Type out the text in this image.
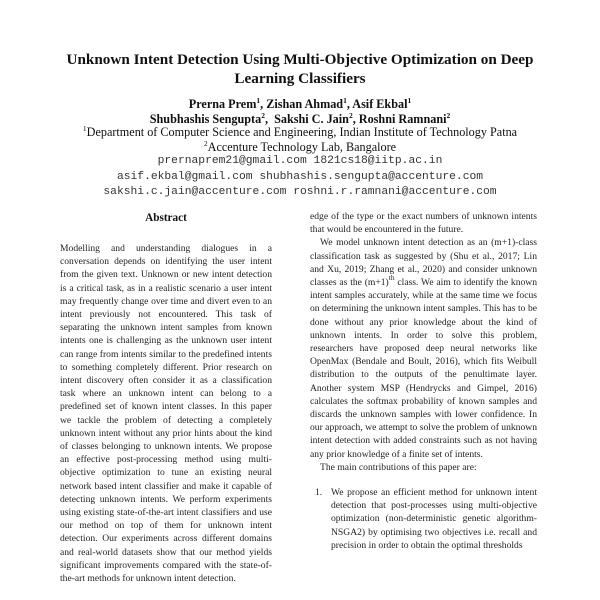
Unknown Intent Detection Using Multi-Objective Optimization on Deep
Learning Classifiers
Prerna Prem$^1$, Zishan Ahmad$^1$, Asif Ekbal$^1$
Shubhashis Sengupta$^2$,  Sakshi C. Jain$^2$, Roshni Ramnani$^2$
$^1$Department of Computer Science and Engineering, Indian Institute of Technology Patna
$^2$Accenture Technology Lab, Bangalore
prernaprem21@gmail.com 1821cs18@iitp.ac.in
asif.ekbal@gmail.com shubhashis.sengupta@accenture.com
sakshi.c.jain@accenture.com roshni.r.ramnani@accenture.com
Abstract
Modelling and understanding dialogues in a conversation depends on identifying the user intent from the given text. Unknown or new intent detection is a critical task, as in a realistic scenario a user intent may frequently change over time and divert even to an intent previously not encountered. This task of separating the unknown intent samples from known intents one is challenging as the unknown user intent can range from intents similar to the predefined intents to something completely different. Prior research on intent discovery often consider it as a classification task where an unknown intent can belong to a predefined set of known intent classes. In this paper we tackle the problem of detecting a completely unknown intent without any prior hints about the kind of classes belonging to unknown intents. We propose an effective post-processing method using multi-objective optimization to tune an existing neural network based intent classifier and make it capable of detecting unknown intents. We perform experiments using existing state-of-the-art intent classifiers and use our method on top of them for unknown intent detection. Our experiments across different domains and real-world datasets show that our method yields significant improvements compared with the state-of-the-art methods for unknown intent detection.

edge of the type or the exact numbers of unknown intents that would be encountered in the future.

We model unknown intent detection as an (m+1)-class classification task as suggested by (Shu et al., 2017; Lin and Xu, 2019; Zhang et al., 2020) and consider unknown classes as the $(m+1)^{th}$ class. We aim to identify the known intent samples accurately, while at the same time we focus on determining the unknown intent samples. This has to be done without any prior knowledge about the kind of unknown intents. In order to solve this problem, researchers have proposed deep neural networks like OpenMax (Bendale and Boult, 2016), which fits Weibull distribution to the outputs of the penultimate layer. Another system MSP (Hendrycks and Gimpel, 2016) calculates the softmax probability of known samples and discards the unknown samples with lower confidence. In our approach, we attempt to solve the problem of unknown intent detection with added constraints such as not having any prior knowledge of a finite set of intents.

The main contributions of this paper are:

1. We propose an efficient method for unknown intent detection that post-processes using multi-objective optimization (non-deterministic genetic algorithm-NSGA2) by optimising two objectives i.e. recall and precision in order to obtain the optimal thresholds
